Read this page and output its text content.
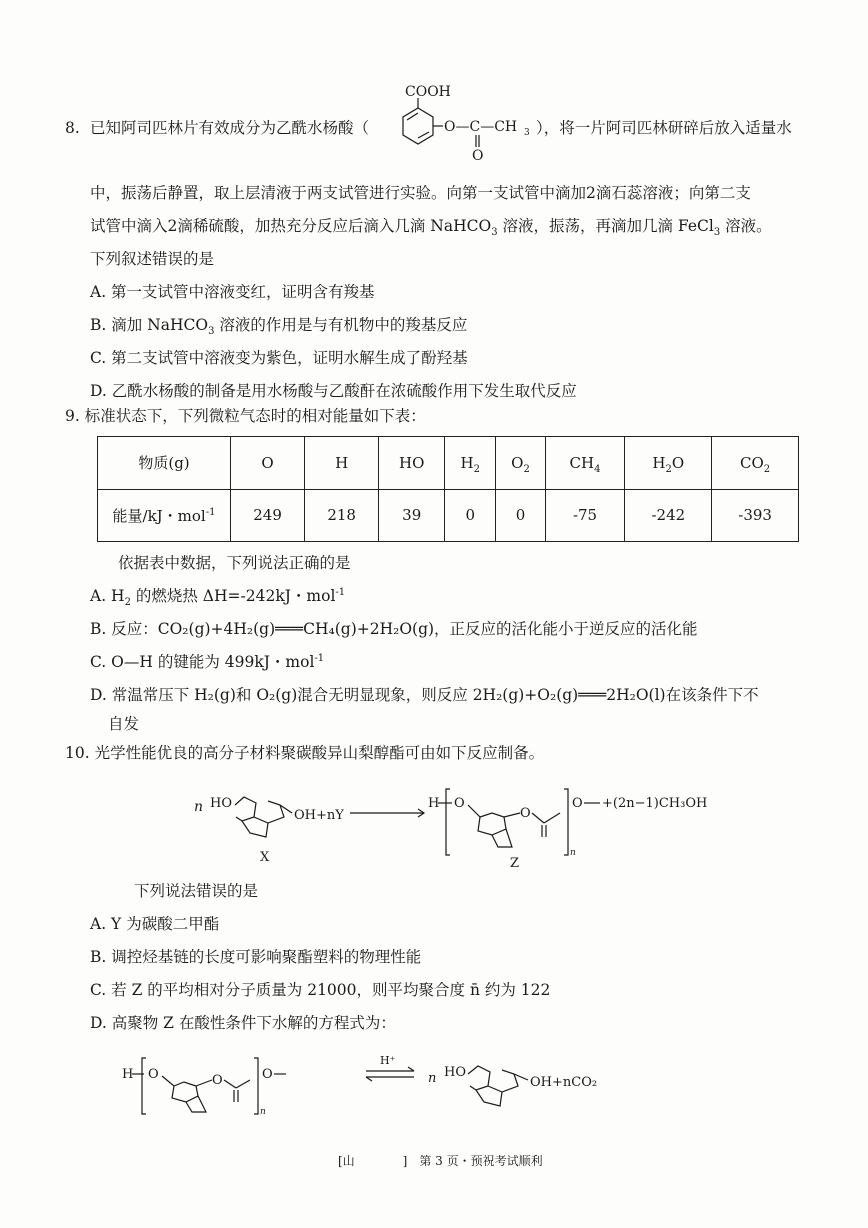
8. 已知阿司匹林片有效成分为乙酰水杨酸（
COOH
O—C—CH 3
O
），将一片阿司匹林研碎后放入适量水
中，振荡后静置，取上层清液于两支试管进行实验。向第一支试管中滴加2滴石蕊溶液；向第二支
试管中滴入2滴稀硫酸，加热充分反应后滴入几滴 NaHCO$_3$ 溶液，振荡，再滴加几滴 FeCl$_3$ 溶液。
下列叙述错误的是
A. 第一支试管中溶液变红，证明含有羧基
B. 滴加 NaHCO$_3$ 溶液的作用是与有机物中的羧基反应
C. 第二支试管中溶液变为紫色，证明水解生成了酚羟基
D. 乙酰水杨酸的制备是用水杨酸与乙酸酐在浓硫酸作用下发生取代反应
9. 标准状态下，下列微粒气态时的相对能量如下表：
物质(g)	O	H	HO	$H_2$	$O_2$	$CH_4$	$H_2O$	$CO_2$
能量/kJ・mol$^{-1}$	249	218	39	0	0	-75	-242	-393
依据表中数据，下列说法正确的是
A. $H_2$ 的燃烧热 ΔH=-242kJ・mol$^{-1}$
B. 反应：CO₂(g)+4H₂(g)═══CH₄(g)+2H₂O(g)，正反应的活化能小于逆反应的活化能
C. O—H 的键能为 499kJ・mol$^{-1}$
D. 常温常压下 H₂(g)和 O₂(g)混合无明显现象，则反应 2H₂(g)+O₂(g)═══2H₂O(l)在该条件下不
自发
10. 光学性能优良的高分子材料聚碳酸异山梨醇酯可由如下反应制备。
n HO
OH+nY
X
H O
O
n
O +(2n−1)CH₃OH
Z
下列说法错误的是
A. Y 为碳酸二甲酯
B. 调控烃基链的长度可影响聚酯塑料的物理性能
C. 若 Z 的平均相对分子质量为 21000，则平均聚合度 n̄ 约为 122
D. 高聚物 Z 在酸性条件下水解的方程式为：
H O	O
n
O
H⁺
n HO
OH+nCO₂
[山　　　　]　第 3 页・预祝考试顺利
